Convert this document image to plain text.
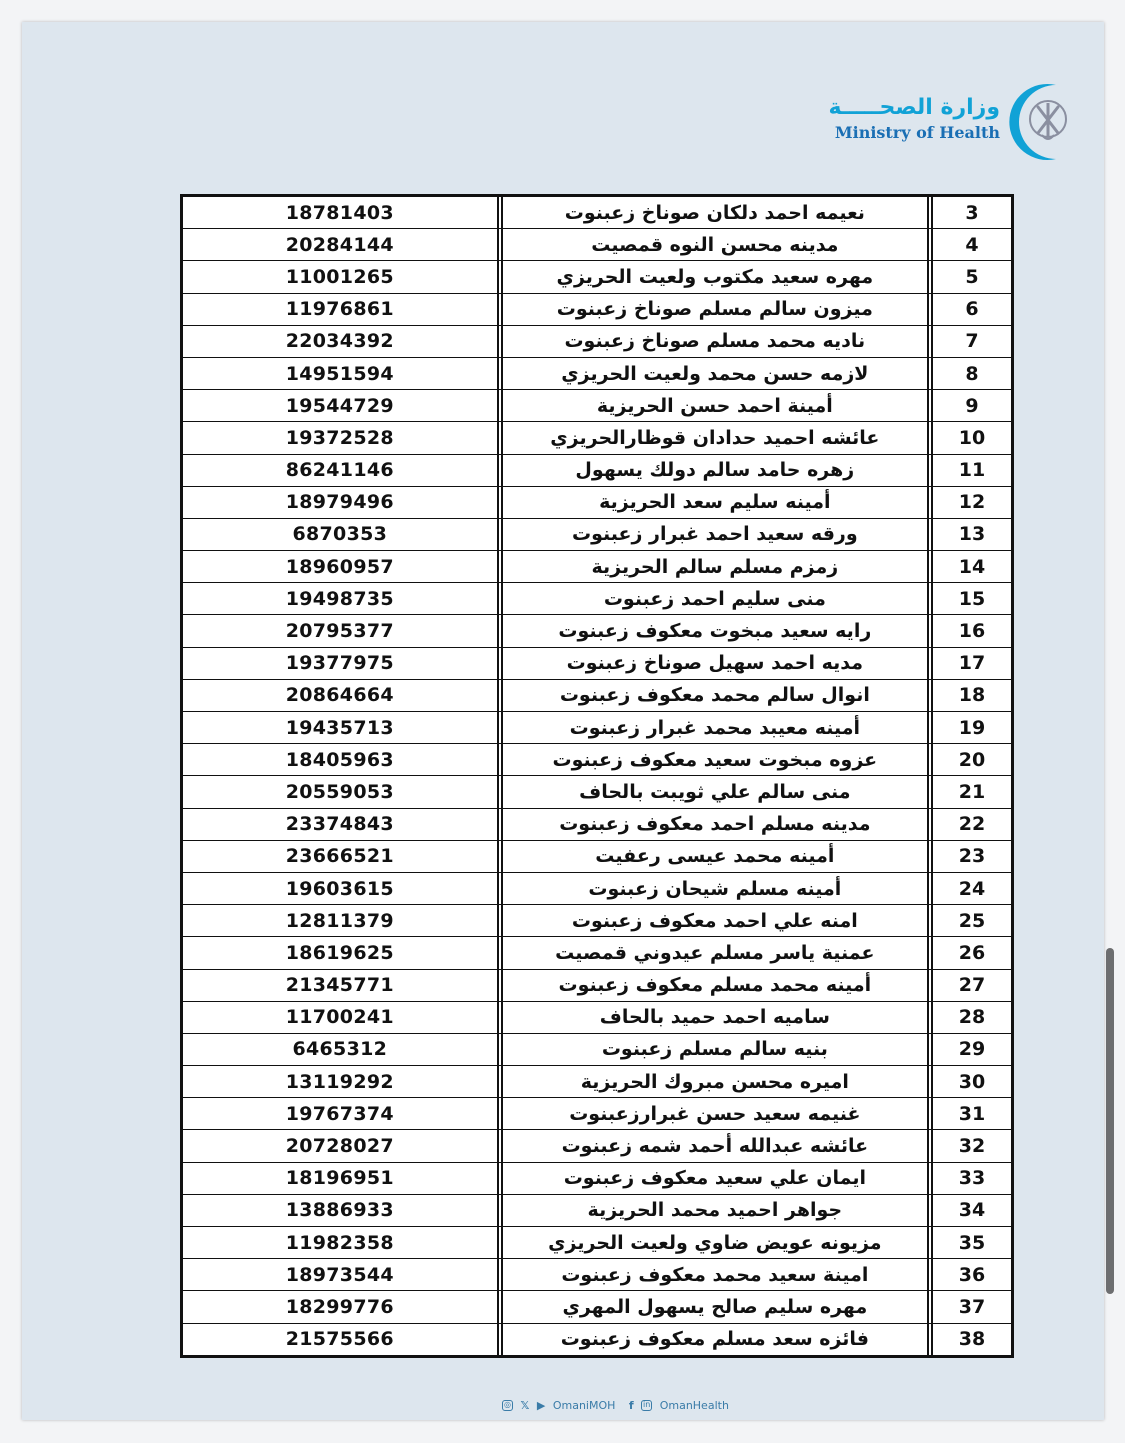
وزارة الصحـــــة
Ministry of Health
18781403		نعيمه احمد دلكان صوناخ زعبنوت		3
20284144		مدينه محسن النوه قمصيت		4
11001265		مهره سعيد مكتوب ولعيت الحريزي		5
11976861		ميزون سالم مسلم صوناخ زعبنوت		6
22034392		ناديه محمد مسلم صوناخ زعبنوت		7
14951594		لازمه حسن محمد ولعيت الحريزي		8
19544729		أمينة احمد حسن الحريزية		9
19372528		عائشه احميد حدادان قوظارالحريزي		10
86241146		زهره حامد سالم دولك يسهول		11
18979496		أمينه سليم سعد الحريزية		12
6870353		ورقه سعيد احمد غبرار زعبنوت		13
18960957		زمزم مسلم سالم الحريزية		14
19498735		منى سليم احمد زعبنوت		15
20795377		رايه سعيد مبخوت معكوف زعبنوت		16
19377975		مديه احمد سهيل صوناخ زعبنوت		17
20864664		انوال سالم محمد معكوف زعبنوت		18
19435713		أمينه معيبد محمد غبرار زعبنوت		19
18405963		عزوه مبخوت سعيد معكوف زعبنوت		20
20559053		منى سالم علي ثويبت بالحاف		21
23374843		مدينه مسلم احمد معكوف زعبنوت		22
23666521		أمينه محمد عيسى رعفيت		23
19603615		أمينه مسلم شيحان زعبنوت		24
12811379		امنه علي احمد معكوف زعبنوت		25
18619625		عمنية ياسر مسلم عيدوني قمصيت		26
21345771		أمينه محمد مسلم معكوف زعبنوت		27
11700241		ساميه احمد حميد بالحاف		28
6465312		بنيه سالم مسلم زعبنوت		29
13119292		اميره محسن مبروك الحريزية		30
19767374		غنيمه سعيد حسن غبرارزعبنوت		31
20728027		عائشه عبدالله أحمد شمه زعبنوت		32
18196951		ايمان علي سعيد معكوف زعبنوت		33
13886933		جواهر احميد محمد الحريزية		34
11982358		مزيونه عويض ضاوي ولعيت الحريزي		35
18973544		امينة سعيد محمد معكوف زعبنوت		36
18299776		مهره سليم صالح يسهول المهري		37
21575566		فائزه سعد مسلم معكوف زعبنوت		38
◎ 𝕏 ▶ OmaniMOH f in OmanHealth
